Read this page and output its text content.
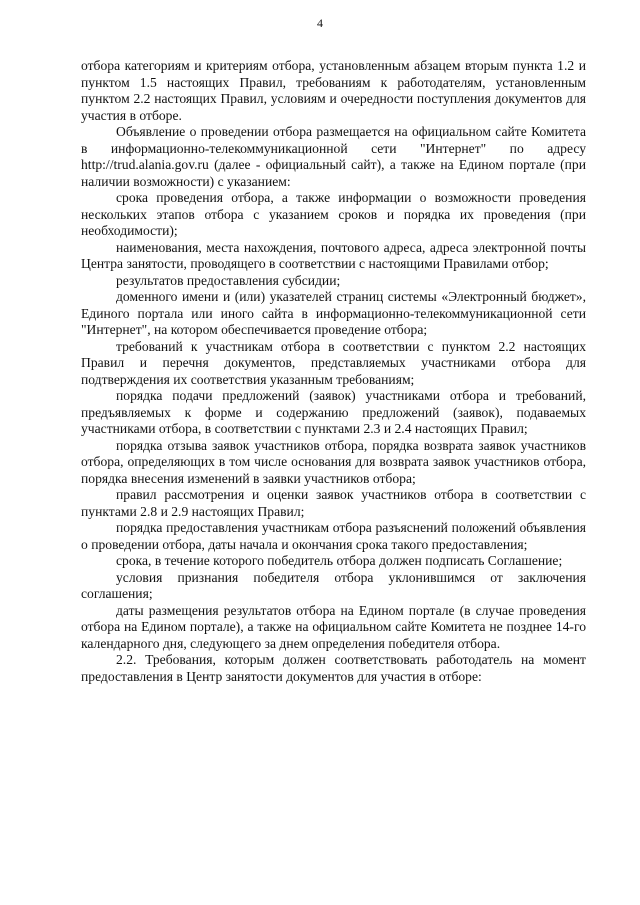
4

отбора категориям и критериям отбора, установленным абзацем вторым пункта 1.2 и пунктом 1.5 настоящих Правил, требованиям к работодателям, установленным пунктом 2.2 настоящих Правил, условиям и очередности поступления документов для участия в отборе.

Объявление о проведении отбора размещается на официальном сайте Комитета в информационно-телекоммуникационной сети "Интернет" по адресу http://trud.alania.gov.ru (далее - официальный сайт), а также на Едином портале (при наличии возможности) с указанием:

срока проведения отбора, а также информации о возможности проведения нескольких этапов отбора с указанием сроков и порядка их проведения (при необходимости);

наименования, места нахождения, почтового адреса, адреса электронной почты Центра занятости, проводящего в соответствии с настоящими Правилами отбор;

результатов предоставления субсидии;

доменного имени и (или) указателей страниц системы «Электронный бюджет», Единого портала или иного сайта в информационно-телекоммуникационной сети "Интернет", на котором обеспечивается проведение отбора;

требований к участникам отбора в соответствии с пунктом 2.2 настоящих Правил и перечня документов, представляемых участниками отбора для подтверждения их соответствия указанным требованиям;

порядка подачи предложений (заявок) участниками отбора и требований, предъявляемых к форме и содержанию предложений (заявок), подаваемых участниками отбора, в соответствии с пунктами 2.3 и 2.4 настоящих Правил;

порядка отзыва заявок участников отбора, порядка возврата заявок участников отбора, определяющих в том числе основания для возврата заявок участников отбора, порядка внесения изменений в заявки участников отбора;

правил рассмотрения и оценки заявок участников отбора в соответствии с пунктами 2.8 и 2.9 настоящих Правил;

порядка предоставления участникам отбора разъяснений положений объявления о проведении отбора, даты начала и окончания срока такого предоставления;

срока, в течение которого победитель отбора должен подписать Соглашение;

условия признания победителя отбора уклонившимся от заключения соглашения;

даты размещения результатов отбора на Едином портале (в случае проведения отбора на Едином портале), а также на официальном сайте Комитета не позднее 14-го календарного дня, следующего за днем определения победителя отбора.

2.2. Требования, которым должен соответствовать работодатель на момент предоставления в Центр занятости документов для участия в отборе:
